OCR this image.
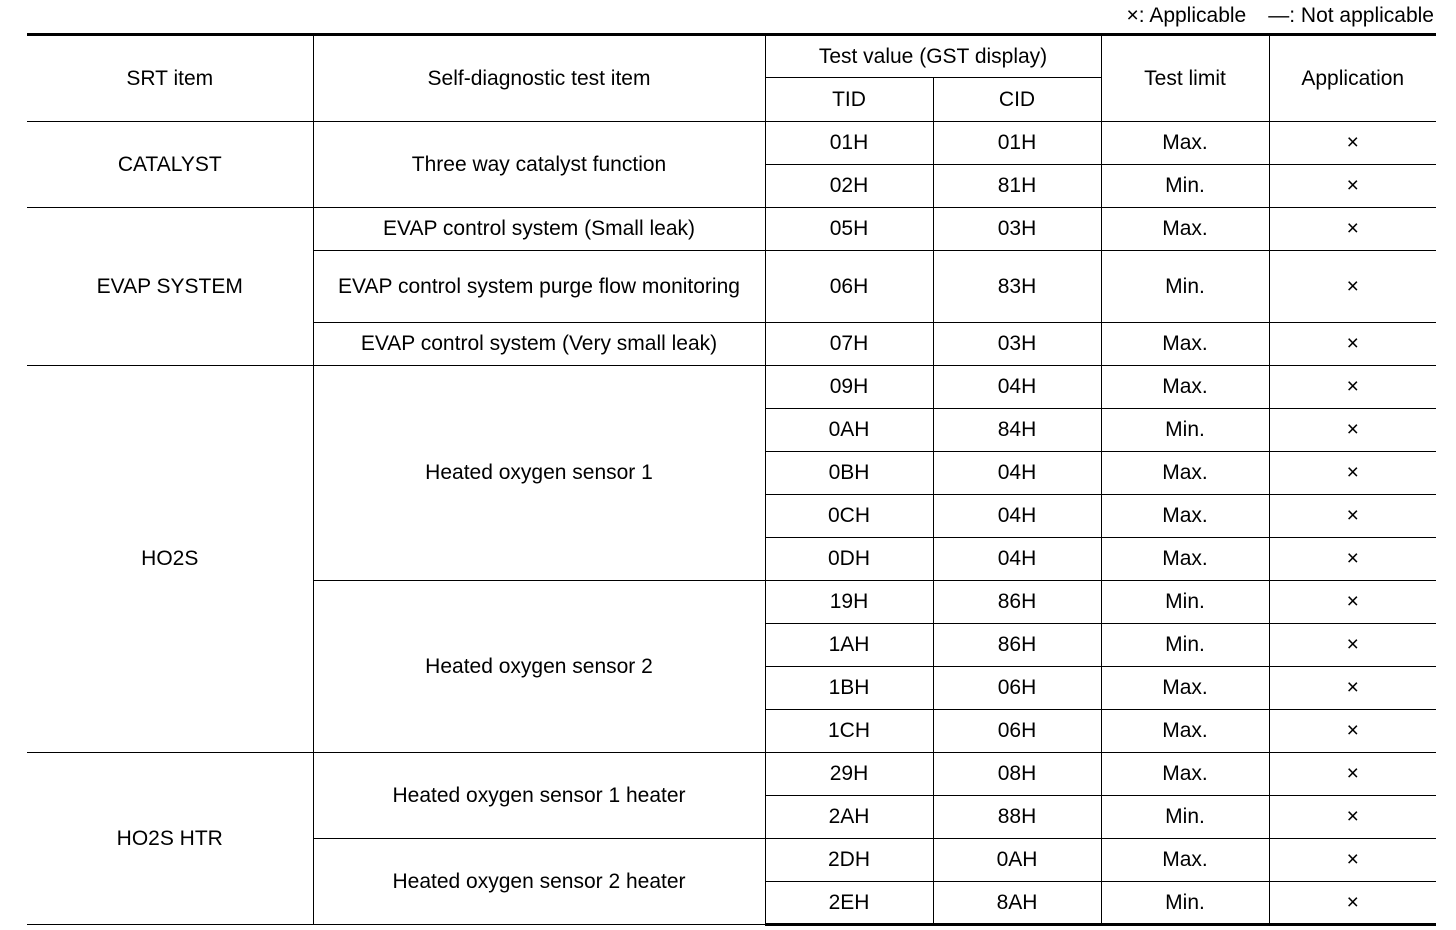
×: Applicable —: Not applicable
SRT item	Self-diagnostic test item	Test value (GST display)		Test limit	Application
		TID	CID		
CATALYST	Three way catalyst function	01H	01H	Max.	×
		02H	81H	Min.	×
EVAP SYSTEM	EVAP control system (Small leak)	05H	03H	Max.	×
	EVAP control system purge flow monitoring	06H	83H	Min.	×
	EVAP control system (Very small leak)	07H	03H	Max.	×
HO2S	Heated oxygen sensor 1	09H	04H	Max.	×
		0AH	84H	Min.	×
		0BH	04H	Max.	×
		0CH	04H	Max.	×
		0DH	04H	Max.	×
	Heated oxygen sensor 2	19H	86H	Min.	×
		1AH	86H	Min.	×
		1BH	06H	Max.	×
		1CH	06H	Max.	×
HO2S HTR	Heated oxygen sensor 1 heater	29H	08H	Max.	×
		2AH	88H	Min.	×
	Heated oxygen sensor 2 heater	2DH	0AH	Max.	×
		2EH	8AH	Min.	×
